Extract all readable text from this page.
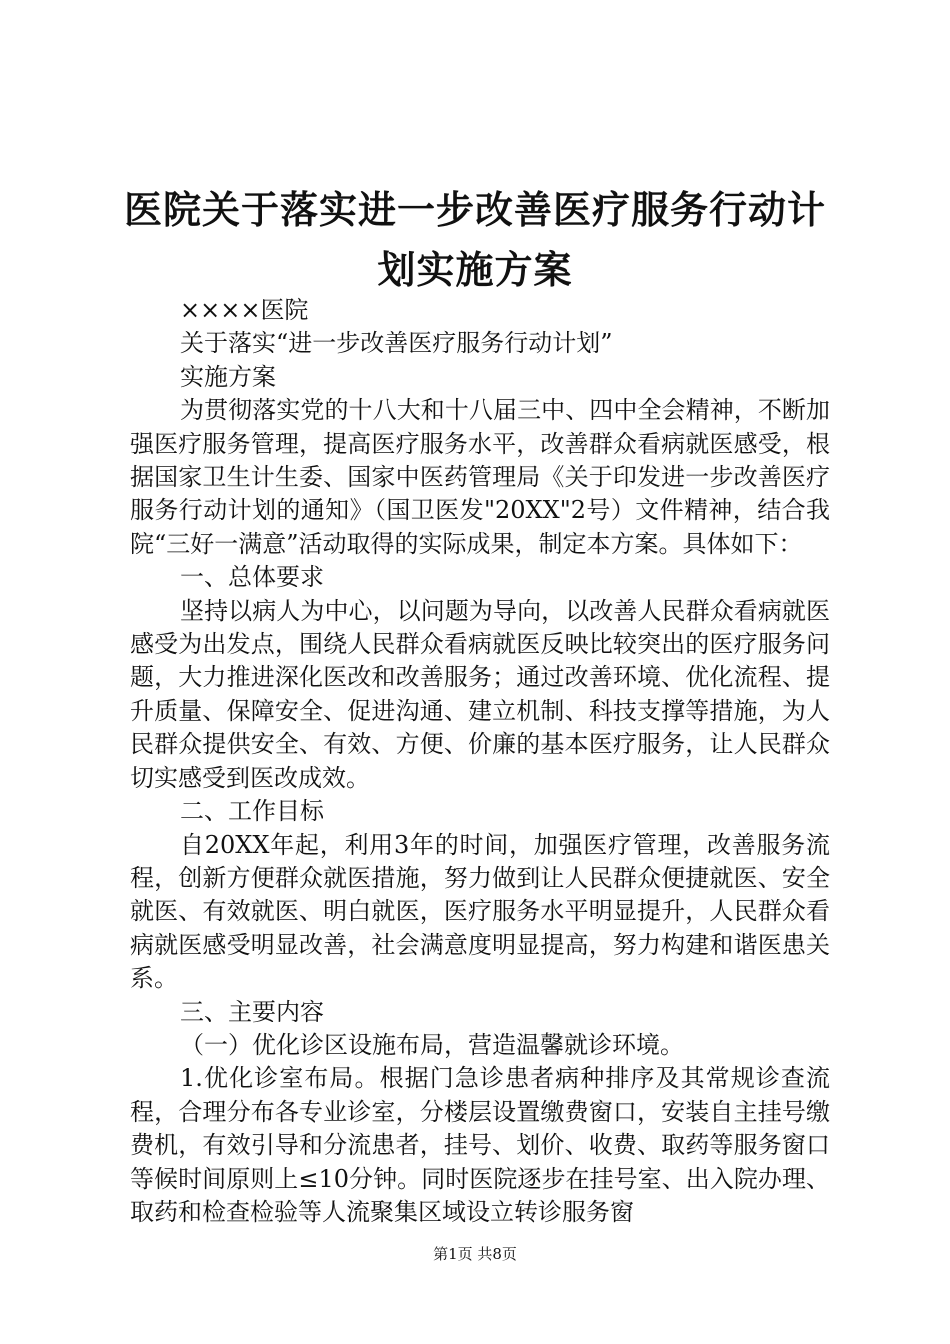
医院关于落实进一步改善医疗服务行动计划实施方案

××××医院

关于落实“进一步改善医疗服务行动计划”

实施方案

为贯彻落实党的十八大和十八届三中、四中全会精神，不断加强医疗服务管理，提高医疗服务水平，改善群众看病就医感受，根据国家卫生计生委、国家中医药管理局《关于印发进一步改善医疗服务行动计划的通知》（国卫医发"20XX"2号）文件精神，结合我院“三好一满意”活动取得的实际成果，制定本方案。具体如下：

一、总体要求

坚持以病人为中心，以问题为导向，以改善人民群众看病就医感受为出发点，围绕人民群众看病就医反映比较突出的医疗服务问题，大力推进深化医改和改善服务；通过改善环境、优化流程、提升质量、保障安全、促进沟通、建立机制、科技支撑等措施，为人民群众提供安全、有效、方便、价廉的基本医疗服务，让人民群众切实感受到医改成效。

二、工作目标

自20XX年起，利用3年的时间，加强医疗管理，改善服务流程，创新方便群众就医措施，努力做到让人民群众便捷就医、安全就医、有效就医、明白就医，医疗服务水平明显提升，人民群众看病就医感受明显改善，社会满意度明显提高，努力构建和谐医患关系。

三、主要内容

（一）优化诊区设施布局，营造温馨就诊环境。

1.优化诊室布局。根据门急诊患者病种排序及其常规诊查流程，合理分布各专业诊室，分楼层设置缴费窗口，安装自主挂号缴费机，有效引导和分流患者，挂号、划价、收费、取药等服务窗口等候时间原则上≤10分钟。同时医院逐步在挂号室、出入院办理、取药和检查检验等人流聚集区域设立转诊服务窗

第1页 共8页
